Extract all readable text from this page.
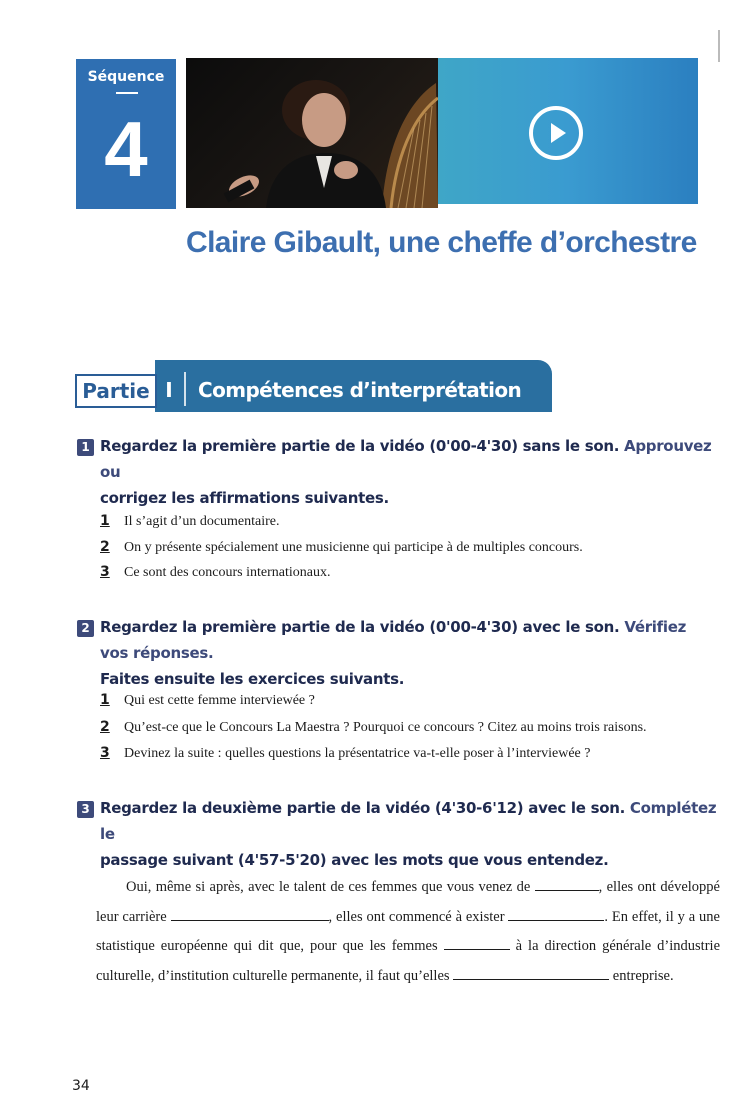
Séquence
4
Claire Gibault, une cheffe d’orchestre
Partie I	Compétences d’interprétation
1 Regardez la première partie de la vidéo (0'00-4'30) sans le son. Approuvez ou
corrigez les affirmations suivantes.
1 Il s’agit d’un documentaire.
2 On y présente spécialement une musicienne qui participe à de multiples concours.
3 Ce sont des concours internationaux.
2 Regardez la première partie de la vidéo (0'00-4'30) avec le son. Vérifiez vos réponses.
Faites ensuite les exercices suivants.
1 Qui est cette femme interviewée ?
2 Qu’est-ce que le Concours La Maestra ? Pourquoi ce concours ? Citez au moins trois raisons.
3 Devinez la suite : quelles questions la présentatrice va-t-elle poser à l’interviewée ?
3 Regardez la deuxième partie de la vidéo (4'30-6'12) avec le son. Complétez le
passage suivant (4'57-5'20) avec les mots que vous entendez.
Oui, même si après, avec le talent de ces femmes que vous venez de	, elles ont développé leur carrière	, elles ont commencé à exister	. En effet, il y a une statistique européenne qui dit que, pour que les femmes	à la direction générale d’industrie culturelle, d’institution culturelle permanente, il faut qu’elles	entreprise.
34
